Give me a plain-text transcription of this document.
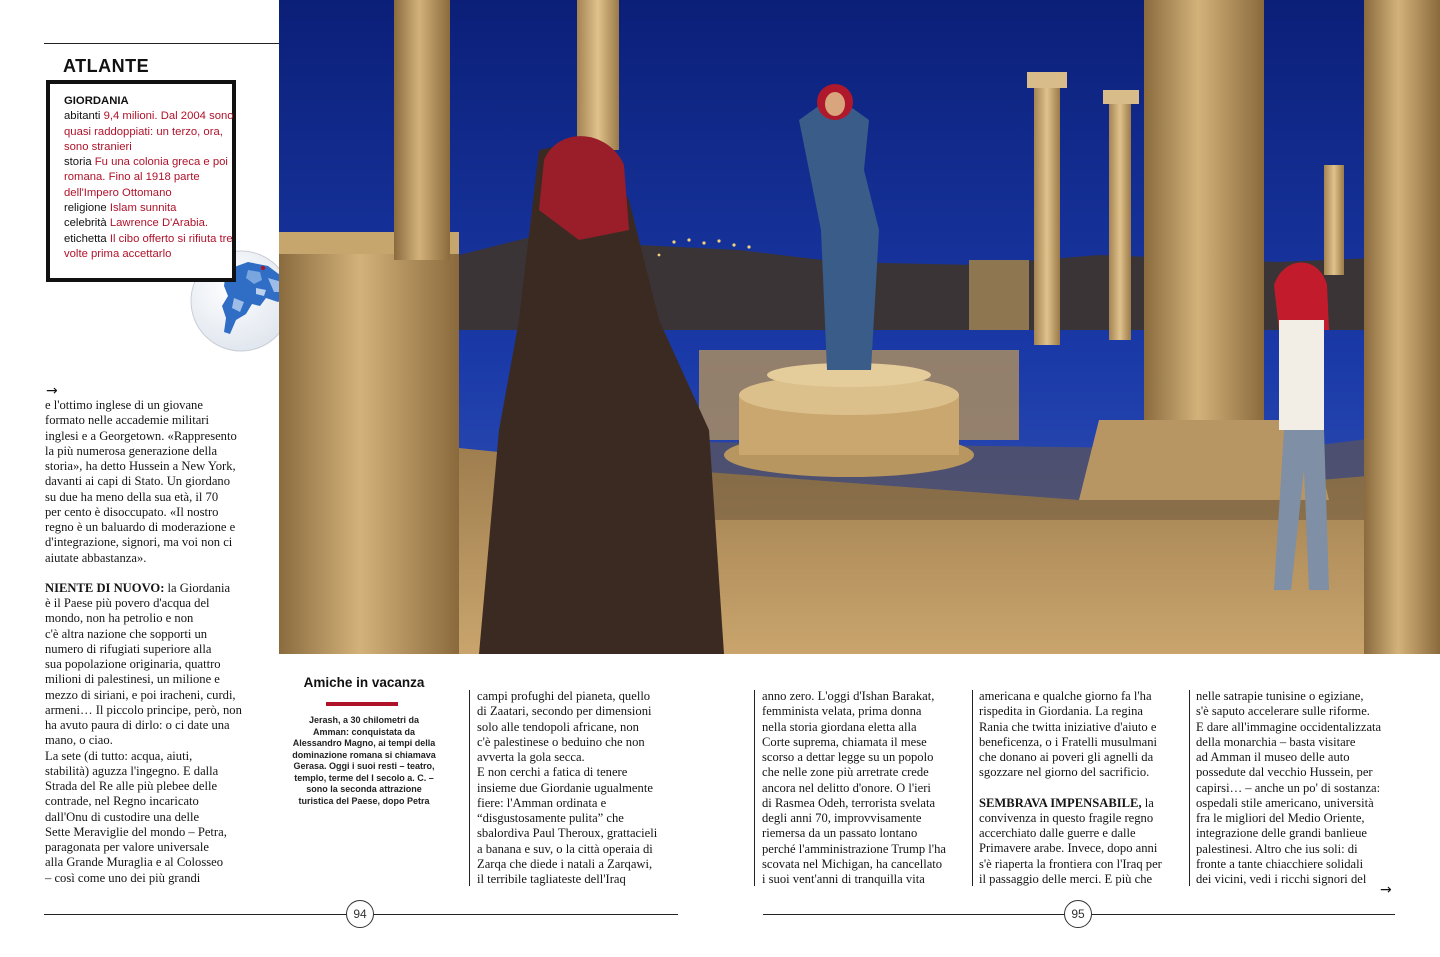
ATLANTE
GIORDANIA
abitanti 9,4 milioni. Dal 2004 sono quasi raddoppiati: un terzo, ora, sono stranieri
storia Fu una colonia greca e poi romana. Fino al 1918 parte dell'Impero Ottomano
religione Islam sunnita
celebrità Lawrence D'Arabia.
etichetta Il cibo offerto si rifiuta tre volte prima accettarlo
→

e l'ottimo inglese di un giovane

formato nelle accademie militari

inglesi e a Georgetown. «Rappresento

la più numerosa generazione della

storia», ha detto Hussein a New York,

davanti ai capi di Stato. Un giordano

su due ha meno della sua età, il 70

per cento è disoccupato. «Il nostro

regno è un baluardo di moderazione e

d'integrazione, signori, ma voi non ci

aiutate abbastanza».

NIENTE DI NUOVO: la Giordania

è il Paese più povero d'acqua del

mondo, non ha petrolio e non

c'è altra nazione che sopporti un

numero di rifugiati superiore alla

sua popolazione originaria, quattro

milioni di palestinesi, un milione e

mezzo di siriani, e poi iracheni, curdi,

armeni… Il piccolo principe, però, non

ha avuto paura di dirlo: o ci date una

mano, o ciao.

La sete (di tutto: acqua, aiuti,

stabilità) aguzza l'ingegno. E dalla

Strada del Re alle più plebee delle

contrade, nel Regno incaricato

dall'Onu di custodire una delle

Sette Meraviglie del mondo – Petra,

paragonata per valore universale

alla Grande Muraglia e al Colosseo

– così come uno dei più grandi

Amiche in vacanza
Jerash, a 30 chilometri da Amman: conquistata da Alessandro Magno, ai tempi della dominazione romana si chiamava Gerasa. Oggi i suoi resti – teatro, templo, terme del I secolo a. C. – sono la seconda attrazione turistica del Paese, dopo Petra

campi profughi del pianeta, quello

di Zaatari, secondo per dimensioni

solo alle tendopoli africane, non

c'è palestinese o beduino che non

avverta la gola secca.

E non cerchi a fatica di tenere

insieme due Giordanie ugualmente

fiere: l'Amman ordinata e

“disgustosamente pulita” che

sbalordiva Paul Theroux, grattacieli

a banana e suv, o la città operaia di

Zarqa che diede i natali a Zarqawi,

il terribile tagliateste dell'Iraq

anno zero. L'oggi d'Ishan Barakat,

femminista velata, prima donna

nella storia giordana eletta alla

Corte suprema, chiamata il mese

scorso a dettar legge su un popolo

che nelle zone più arretrate crede

ancora nel delitto d'onore. O l'ieri

di Rasmea Odeh, terrorista svelata

degli anni 70, improvvisamente

riemersa da un passato lontano

perché l'amministrazione Trump l'ha

scovata nel Michigan, ha cancellato

i suoi vent'anni di tranquilla vita

americana e qualche giorno fa l'ha

rispedita in Giordania. La regina

Rania che twitta iniziative d'aiuto e

beneficenza, o i Fratelli musulmani

che donano ai poveri gli agnelli da

sgozzare nel giorno del sacrificio.

SEMBRAVA IMPENSABILE, la

convivenza in questo fragile regno

accerchiato dalle guerre e dalle

Primavere arabe. Invece, dopo anni

s'è riaperta la frontiera con l'Iraq per

il passaggio delle merci. E più che

nelle satrapie tunisine o egiziane,

s'è saputo accelerare sulle riforme.

E dare all'immagine occidentalizzata

della monarchia – basta visitare

ad Amman il museo delle auto

possedute dal vecchio Hussein, per

capirsi… – anche un po' di sostanza:

ospedali stile americano, università

fra le migliori del Medio Oriente,

integrazione delle grandi banlieue

palestinesi. Altro che ius soli: di

fronte a tante chiacchiere solidali

dei vicini, vedi i ricchi signori del

→
94	95
